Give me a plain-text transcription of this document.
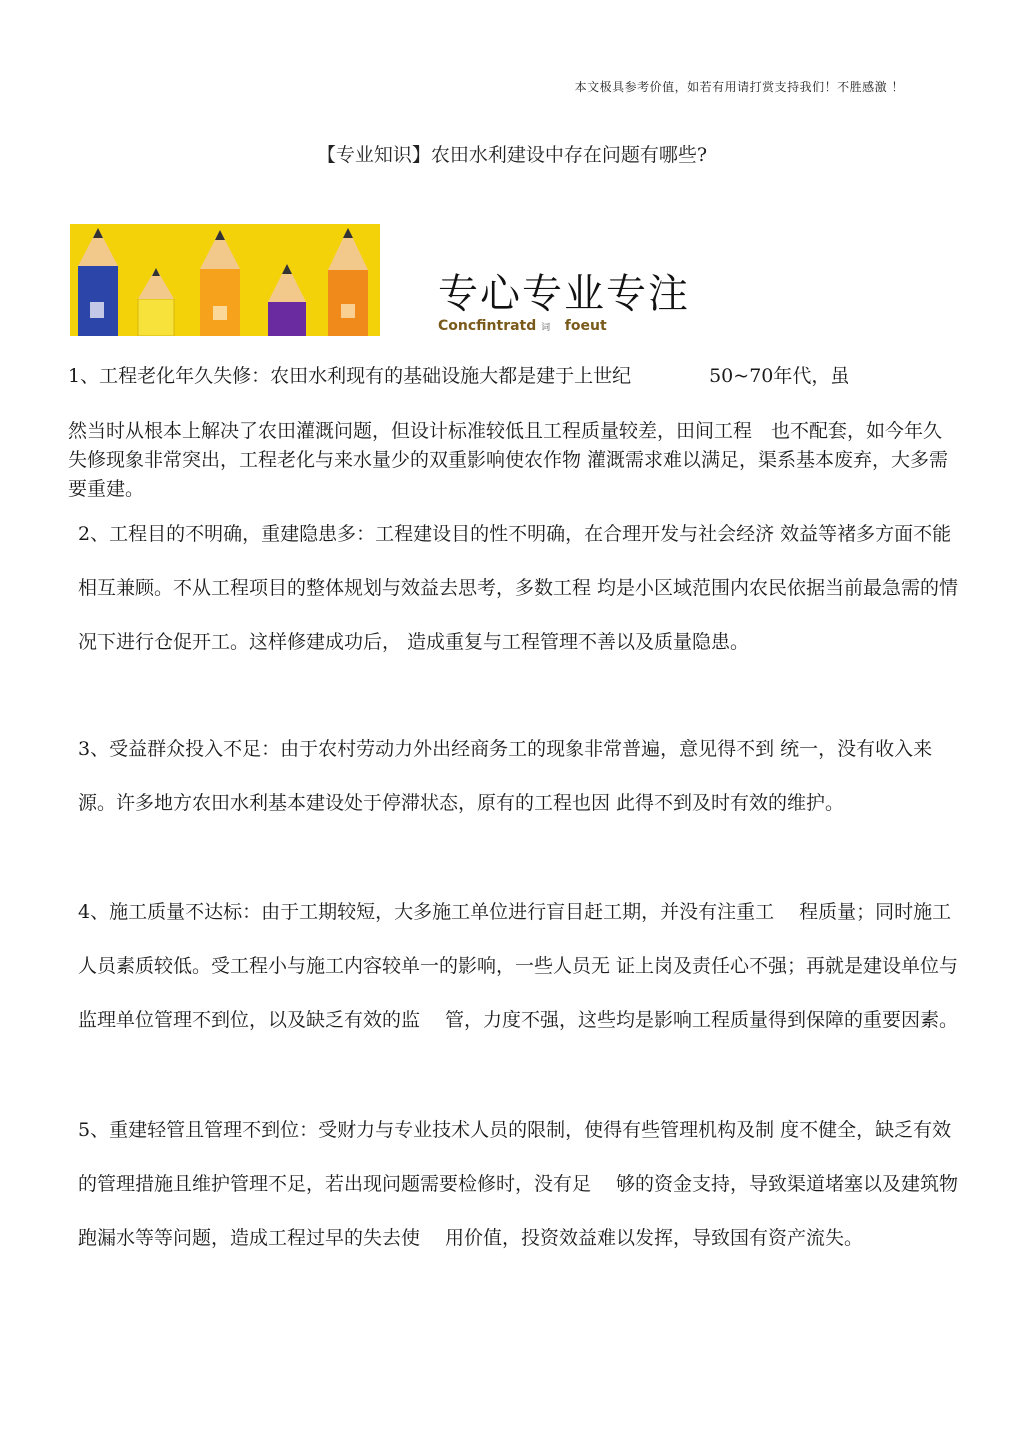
本文极具参考价值，如若有用请打赏支持我们！不胜感激 ！
【专业知识】农田水利建设中存在问题有哪些?
专心专业专注
Concfintratd 词 foeut
1、工程老化年久失修：农田水利现有的基础设施大都是建于上世纪	50~70年代，虽
然当时从根本上解决了农田灌溉问题，但设计标准较低且工程质量较差，田间工程　也不配套，如今年久失修现象非常突出，工程老化与来水量少的双重影响使农作物 灌溉需求难以满足，渠系基本废弃，大多需要重建。
2、工程目的不明确，重建隐患多：工程建设目的性不明确，在合理开发与社会经济 效益等褚多方面不能相互兼顾。不从工程项目的整体规划与效益去思考，多数工程 均是小区域范围内农民依据当前最急需的情况下进行仓促开工。这样修建成功后， 造成重复与工程管理不善以及质量隐患。
3、受益群众投入不足：由于农村劳动力外出经商务工的现象非常普遍，意见得不到 统一，没有收入来源。许多地方农田水利基本建设处于停滞状态，原有的工程也因 此得不到及时有效的维护。
4、施工质量不达标：由于工期较短，大多施工单位进行盲目赶工期，并没有注重工　 程质量；同时施工人员素质较低。受工程小与施工内容较单一的影响，一些人员无 证上岗及责任心不强；再就是建设单位与监理单位管理不到位，以及缺乏有效的监　 管，力度不强，这些均是影响工程质量得到保障的重要因素。
5、重建轻管且管理不到位：受财力与专业技术人员的限制，使得有些管理机构及制 度不健全，缺乏有效的管理措施且维护管理不足，若出现问题需要检修时，没有足　 够的资金支持，导致渠道堵塞以及建筑物跑漏水等等问题，造成工程过早的失去使　 用价值，投资效益难以发挥，导致国有资产流失。
